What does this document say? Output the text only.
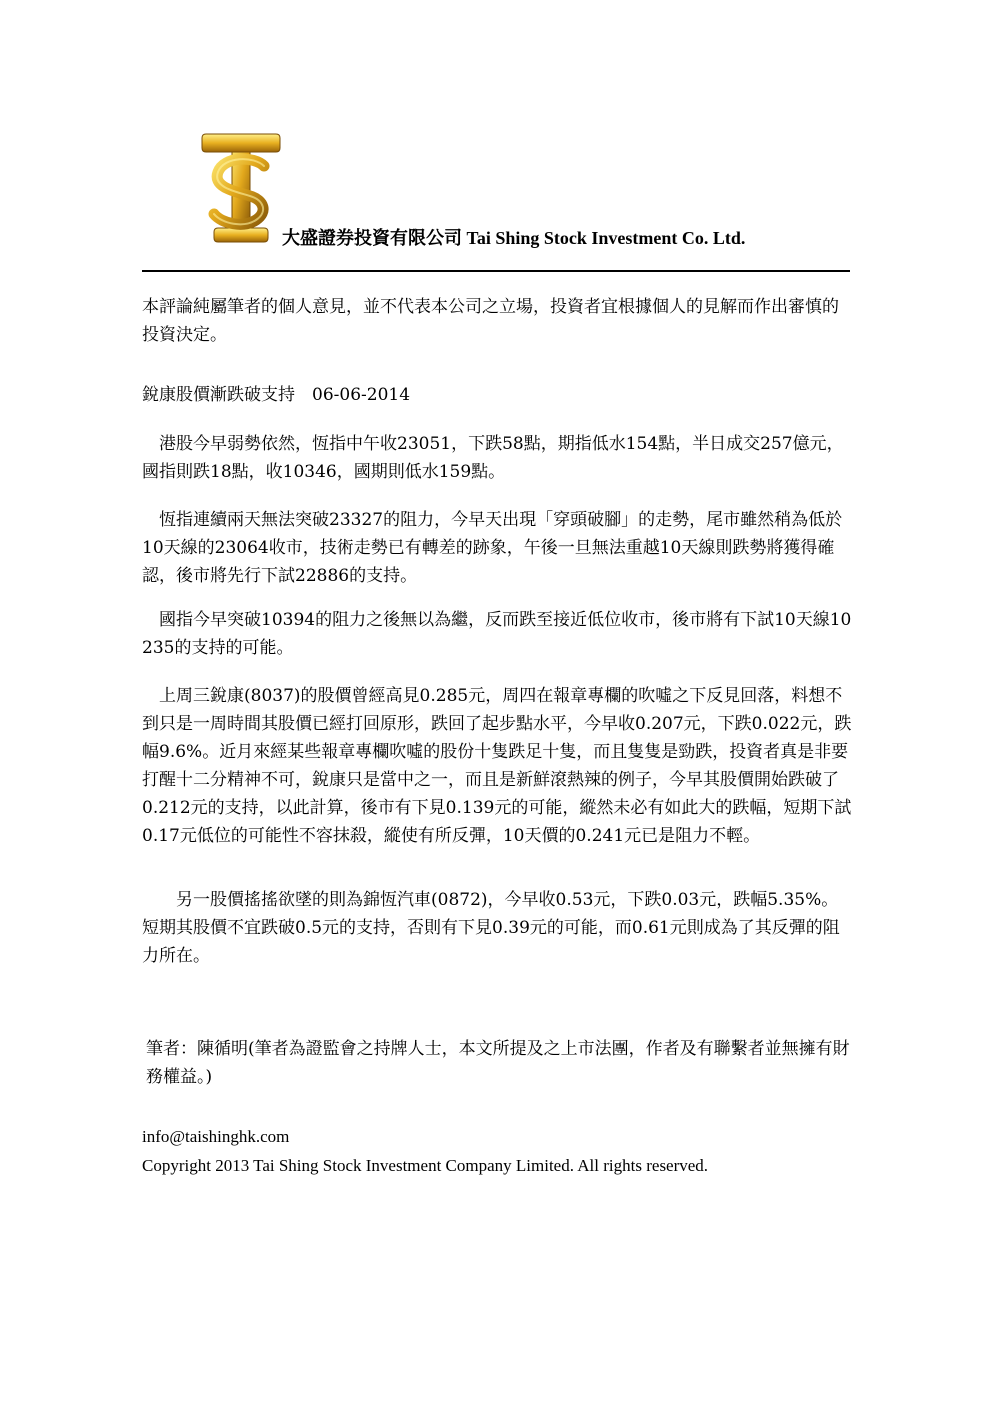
大盛證券投資有限公司 Tai Shing Stock Investment Co. Ltd.

本評論純屬筆者的個人意見，並不代表本公司之立場，投資者宜根據個人的見解而作出審慎的投資決定。

銳康股價漸跌破支持　06-06-2014

　港股今早弱勢依然，恆指中午收23051，下跌58點，期指低水154點，半日成交257億元，國指則跌18點，收10346，國期則低水159點。

　恆指連續兩天無法突破23327的阻力，今早天出現「穿頭破腳」的走勢，尾市雖然稍為低於10天線的23064收市，技術走勢已有轉差的跡象，午後一旦無法重越10天線則跌勢將獲得確認，後市將先行下試22886的支持。

　國指今早突破10394的阻力之後無以為繼，反而跌至接近低位收市，後市將有下試10天線10235的支持的可能。

　上周三銳康(8037)的股價曾經高見0.285元，周四在報章專欄的吹噓之下反見回落，料想不到只是一周時間其股價已經打回原形，跌回了起步點水平，今早收0.207元，下跌0.022元，跌幅9.6%。近月來經某些報章專欄吹噓的股份十隻跌足十隻，而且隻隻是勁跌，投資者真是非要打醒十二分精神不可，銳康只是當中之一，而且是新鮮滾熱辣的例子，今早其股價開始跌破了0.212元的支持，以此計算，後市有下見0.139元的可能，縱然未必有如此大的跌幅，短期下試0.17元低位的可能性不容抹殺，縱使有所反彈，10天價的0.241元已是阻力不輕。

　　另一股價搖搖欲墜的則為錦恆汽車(0872)，今早收0.53元，下跌0.03元，跌幅5.35%。短期其股價不宜跌破0.5元的支持，否則有下見0.39元的可能，而0.61元則成為了其反彈的阻力所在。

筆者：陳循明(筆者為證監會之持牌人士，本文所提及之上市法團，作者及有聯繫者並無擁有財務權益。)

info@taishinghk.com
Copyright 2013 Tai Shing Stock Investment Company Limited. All rights reserved.
